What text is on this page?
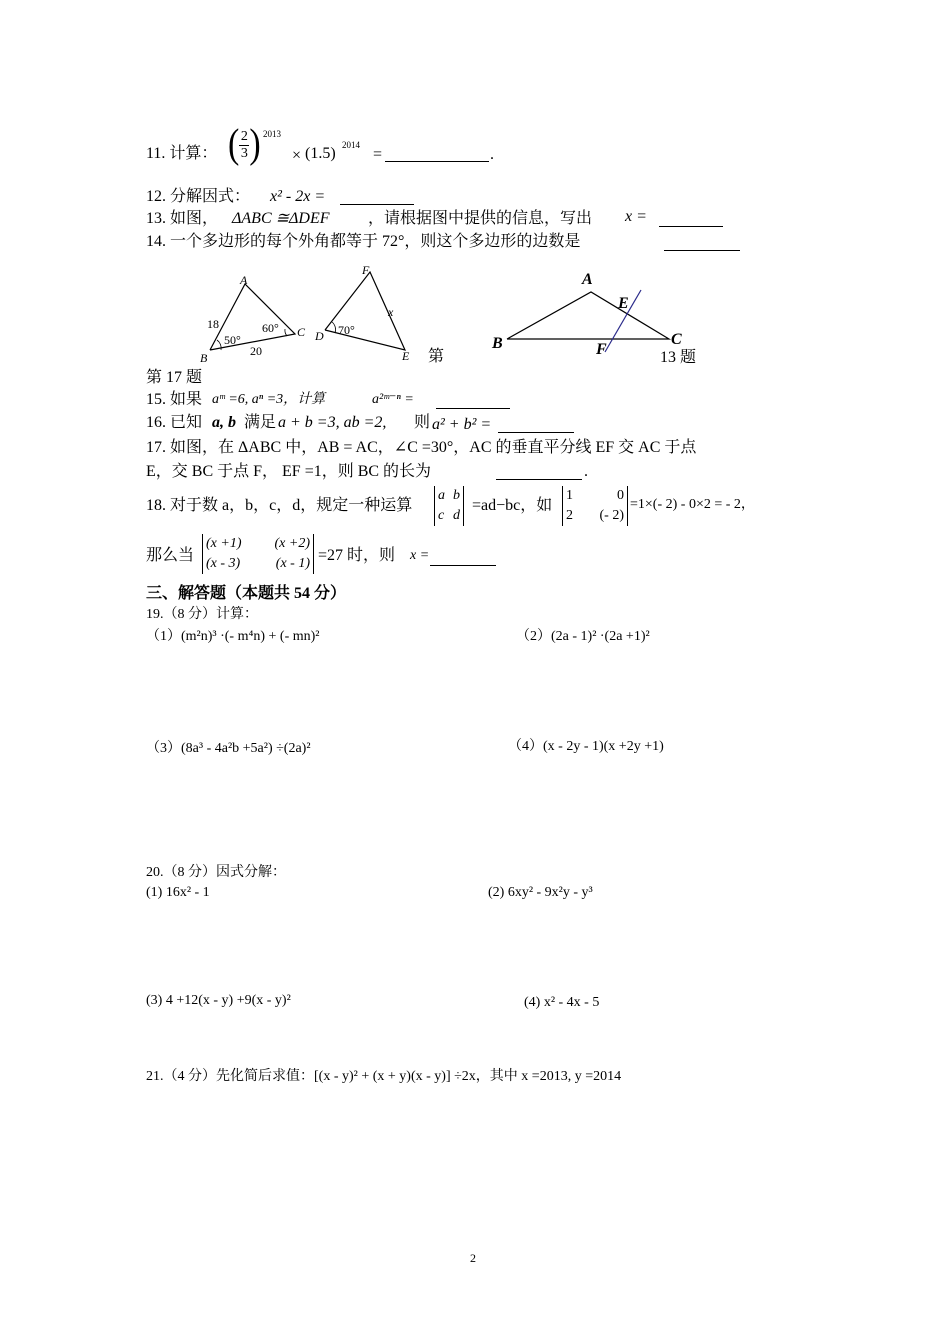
11. 计算： ( $\frac{2}{3}$ ) 2013
× (1.5) 2014
=	.
12. 分解因式： x² - 2x =
13. 如图， ΔABC ≅ΔDEF ，请根据图中提供的信息，写出 x =
14. 一个多边形的每个外角都等于 72°，则这个多边形的边数是
A
B
C
18
20
50°
60°
F
D
E
x
70°
第
第 17 题
A
B	C
E
F	13 题
15. 如果 aᵐ =6, aⁿ =3，计算	a²ᵐ⁻ⁿ =
16. 已知 a, b 满足 a + b =3, ab =2, 则 a² + b² =
17. 如图，在 ΔABC 中，AB = AC，∠C =30°，AC 的垂直平分线 EF 交 AC 于点
E，交 BC 于点 F， EF =1，则 BC 的长为	.
18. 对于数 a，b，c，d，规定一种运算
a b
c d
=ad−bc，如
1	0
2 (- 2)
=1×(- 2) - 0×2 = - 2，
那么当
(x +1) (x +2)
(x - 3)	(x - 1) =27 时，则 x =
三、解答题（本题共 54 分）
19.（8 分）计算：
（1）(m²n)³ ·(- m⁴n) + (- mn)²	（2）(2a - 1)² ·(2a +1)²
（3）(8a³ - 4a²b +5a²) ÷(2a)²	（4）(x - 2y - 1)(x +2y +1)
20.（8 分）因式分解：
(1) 16x² - 1	(2) 6xy² - 9x²y - y³
(3) 4 +12(x - y) +9(x - y)²	(4) x² - 4x - 5
21.（4 分）先化简后求值：[(x - y)² + (x + y)(x - y)] ÷2x，其中 x =2013, y =2014
2
